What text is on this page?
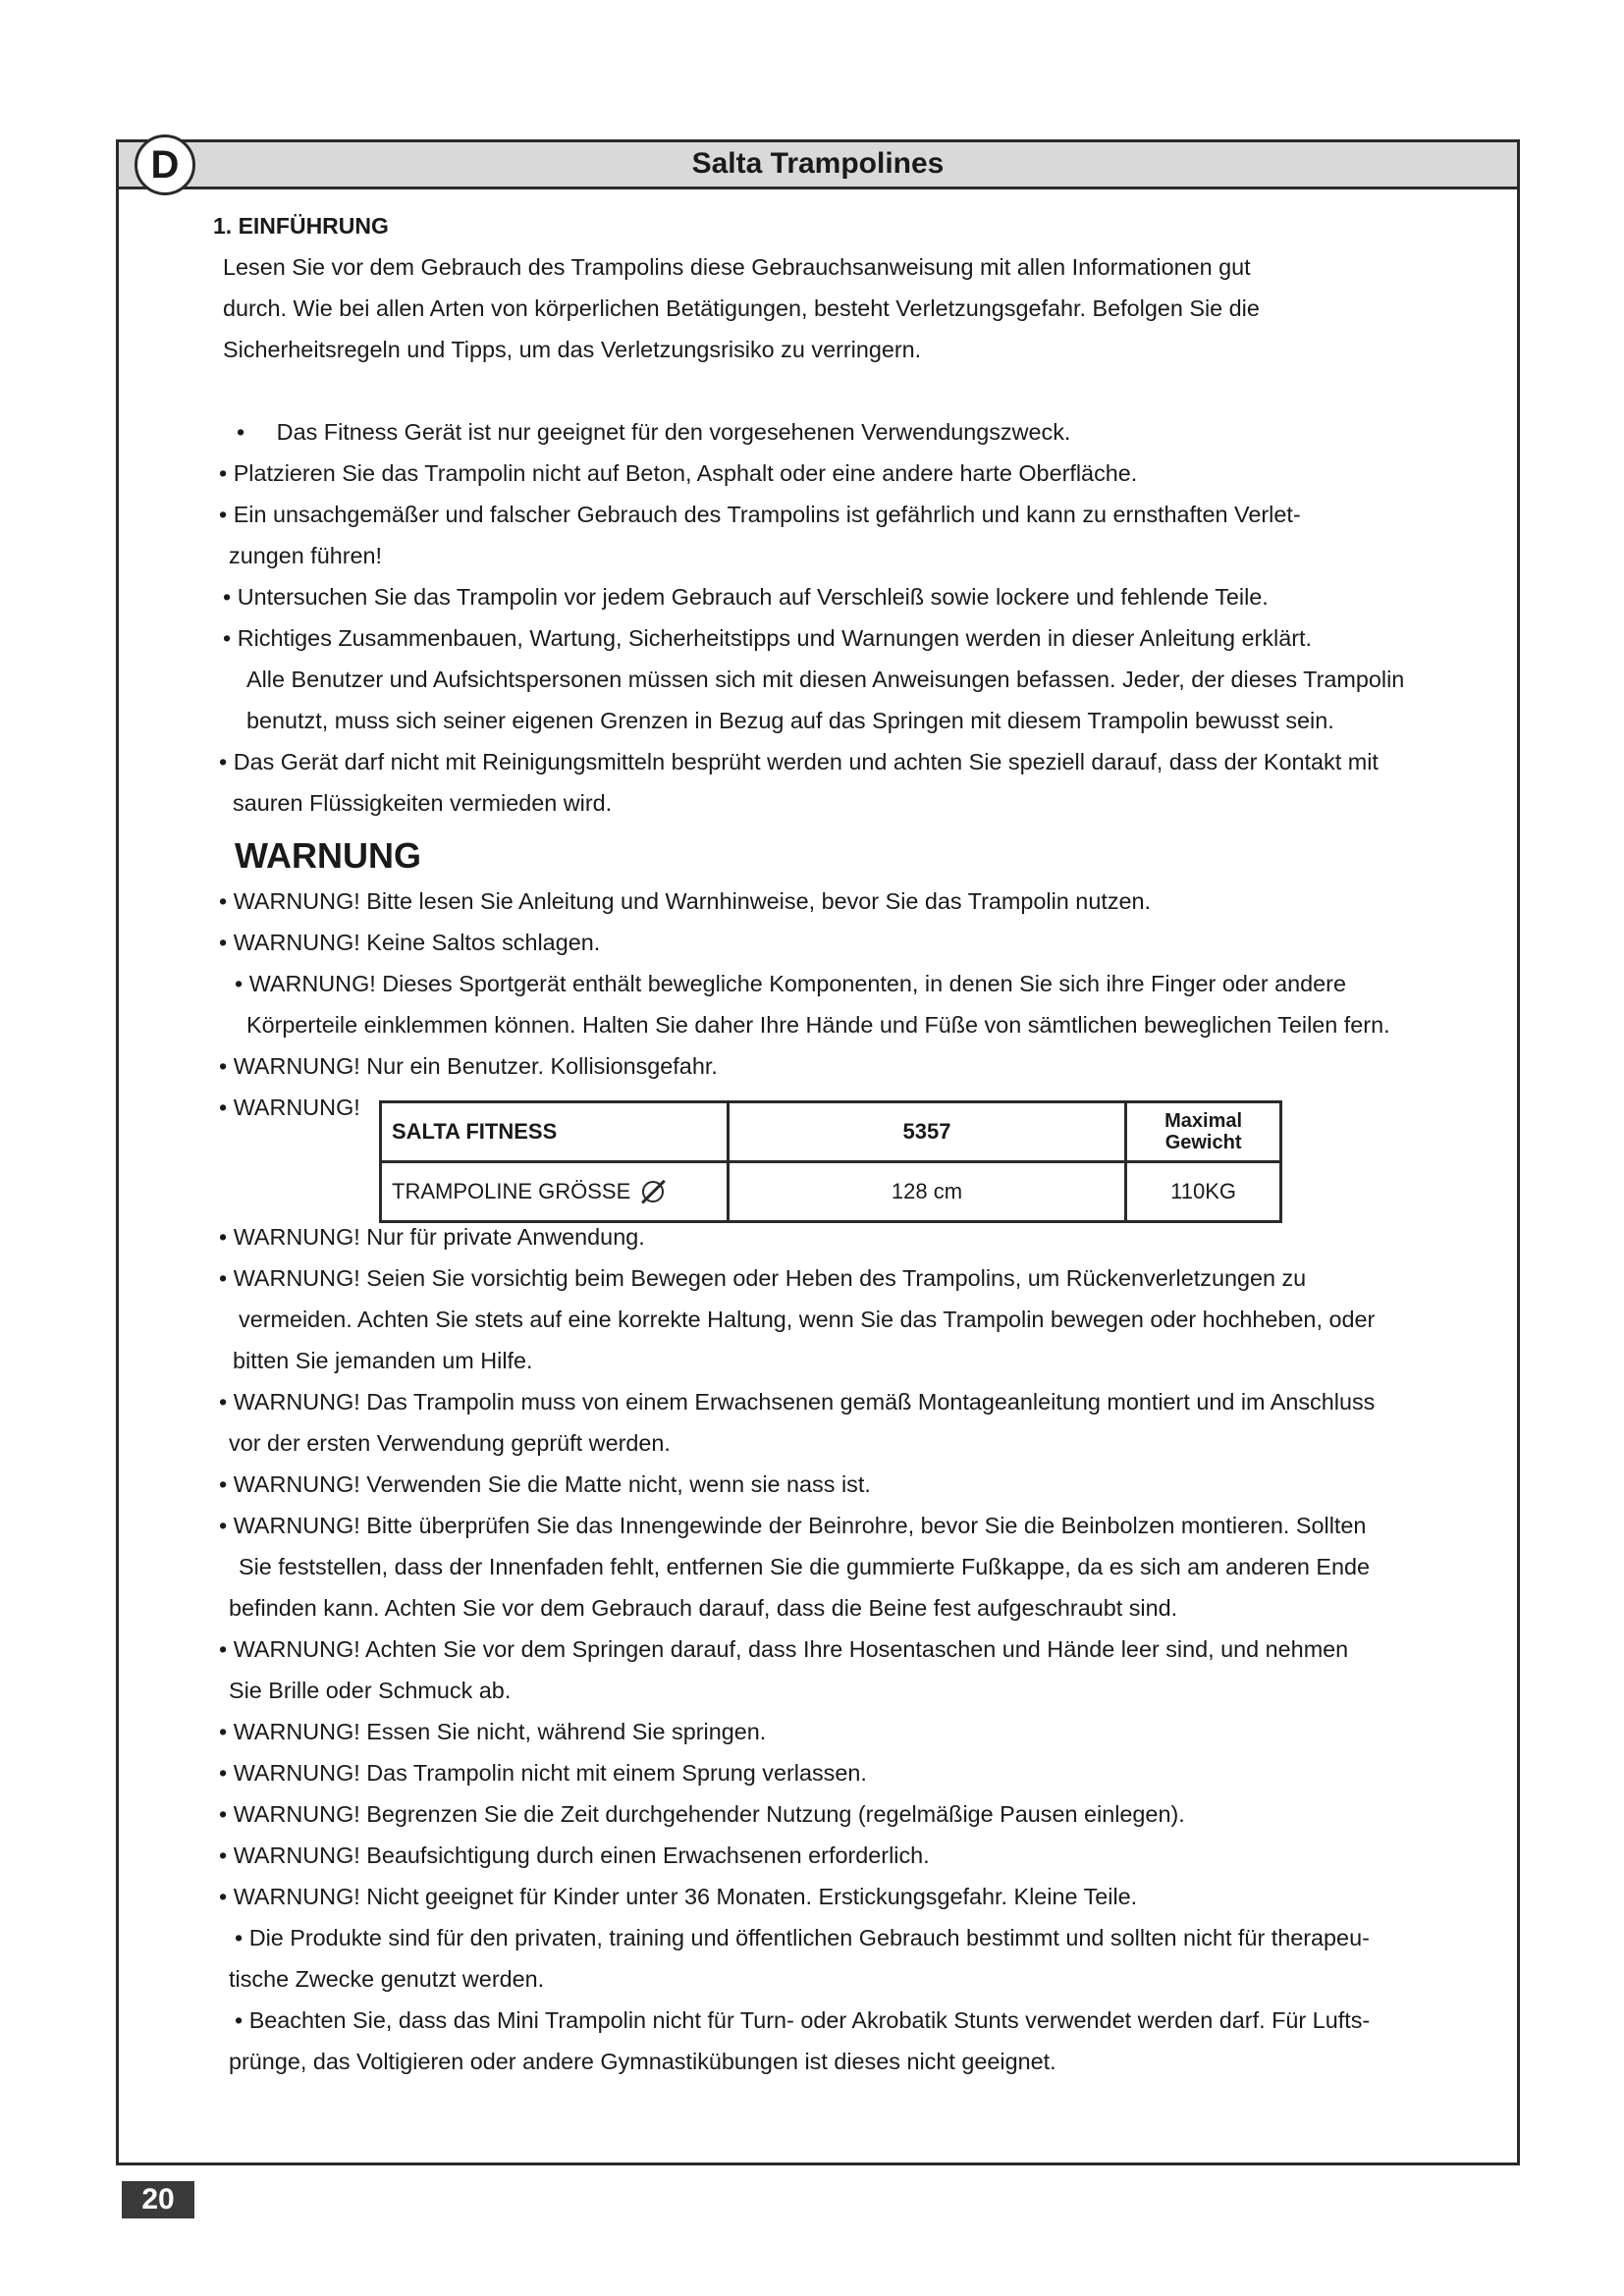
Salta Trampolines
D

1. EINFÜHRUNG

Lesen Sie vor dem Gebrauch des Trampolins diese Gebrauchsanweisung mit allen Informationen gut

durch. Wie bei allen Arten von körperlichen Betätigungen, besteht Verletzungsgefahr. Befolgen Sie die

Sicherheitsregeln und Tipps, um das Verletzungsrisiko zu verringern.

•     Das Fitness Gerät ist nur geeignet für den vorgesehenen Verwendungszweck.

• Platzieren Sie das Trampolin nicht auf Beton, Asphalt oder eine andere harte Oberfläche.

• Ein unsachgemäßer und falscher Gebrauch des Trampolins ist gefährlich und kann zu ernsthaften Verlet-

zungen führen!

• Untersuchen Sie das Trampolin vor jedem Gebrauch auf Verschleiß sowie lockere und fehlende Teile.

• Richtiges Zusammenbauen, Wartung, Sicherheitstipps und Warnungen werden in dieser Anleitung erklärt.

Alle Benutzer und Aufsichtspersonen müssen sich mit diesen Anweisungen befassen. Jeder, der dieses Trampolin

benutzt, muss sich seiner eigenen Grenzen in Bezug auf das Springen mit diesem Trampolin bewusst sein.

• Das Gerät darf nicht mit Reinigungsmitteln besprüht werden und achten Sie speziell darauf, dass der Kontakt mit

sauren Flüssigkeiten vermieden wird.

WARNUNG

• WARNUNG! Bitte lesen Sie Anleitung und Warnhinweise, bevor Sie das Trampolin nutzen.

• WARNUNG! Keine Saltos schlagen.

• WARNUNG! Dieses Sportgerät enthält bewegliche Komponenten, in denen Sie sich ihre Finger oder andere

Körperteile einklemmen können. Halten Sie daher Ihre Hände und Füße von sämtlichen beweglichen Teilen fern.

• WARNUNG! Nur ein Benutzer. Kollisionsgefahr.

• WARNUNG!
SALTA FITNESS	5357	Maximal Gewicht
TRAMPOLINE GRÖSSE	128 cm	110KG

• WARNUNG! Nur für private Anwendung.

• WARNUNG! Seien Sie vorsichtig beim Bewegen oder Heben des Trampolins, um Rückenverletzungen zu

vermeiden. Achten Sie stets auf eine korrekte Haltung, wenn Sie das Trampolin bewegen oder hochheben, oder

bitten Sie jemanden um Hilfe.

• WARNUNG! Das Trampolin muss von einem Erwachsenen gemäß Montageanleitung montiert und im Anschluss

vor der ersten Verwendung geprüft werden.

• WARNUNG! Verwenden Sie die Matte nicht, wenn sie nass ist.

• WARNUNG! Bitte überprüfen Sie das Innengewinde der Beinrohre, bevor Sie die Beinbolzen montieren. Sollten

Sie feststellen, dass der Innenfaden fehlt, entfernen Sie die gummierte Fußkappe, da es sich am anderen Ende

befinden kann. Achten Sie vor dem Gebrauch darauf, dass die Beine fest aufgeschraubt sind.

• WARNUNG! Achten Sie vor dem Springen darauf, dass Ihre Hosentaschen und Hände leer sind, und nehmen

Sie Brille oder Schmuck ab.

• WARNUNG! Essen Sie nicht, während Sie springen.

• WARNUNG! Das Trampolin nicht mit einem Sprung verlassen.

• WARNUNG! Begrenzen Sie die Zeit durchgehender Nutzung (regelmäßige Pausen einlegen).

• WARNUNG! Beaufsichtigung durch einen Erwachsenen erforderlich.

• WARNUNG! Nicht geeignet für Kinder unter 36 Monaten. Erstickungsgefahr. Kleine Teile.

• Die Produkte sind für den privaten, training und öffentlichen Gebrauch bestimmt und sollten nicht für therapeu-

tische Zwecke genutzt werden.

• Beachten Sie, dass das Mini Trampolin nicht für Turn- oder Akrobatik Stunts verwendet werden darf. Für Lufts-

prünge, das Voltigieren oder andere Gymnastikübungen ist dieses nicht geeignet.

20
